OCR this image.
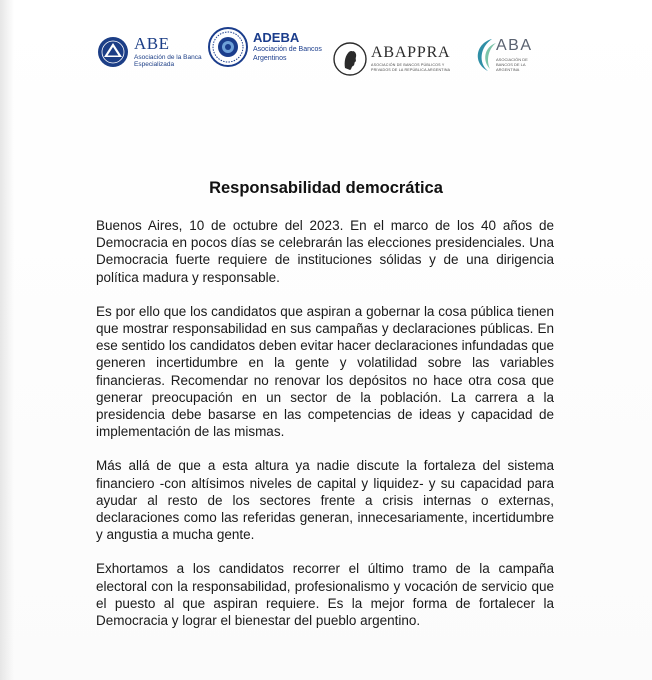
ABE
Asociación de la Banca Especializada
ADEBA
Asociación de Bancos Argentinos	ABAPPRA
ASOCIACIÓN DE BANCOS PÚBLICOS Y PRIVADOS DE LA REPÚBLICA ARGENTINA
ABA
ASOCIACIÓN DE BANCOS DE LA ARGENTINA
Responsabilidad democrática

Buenos Aires, 10 de octubre del 2023. En el marco de los 40 años de Democracia en pocos días se celebrarán las elecciones presidenciales. Una Democracia fuerte requiere de instituciones sólidas y de una dirigencia política madura y responsable.

Es por ello que los candidatos que aspiran a gobernar la cosa pública tienen que mostrar responsabilidad en sus campañas y declaraciones públicas. En ese sentido los candidatos deben evitar hacer declaraciones infundadas que generen incertidumbre en la gente y volatilidad sobre las variables financieras. Recomendar no renovar los depósitos no hace otra cosa que generar preocupación en un sector de la población. La carrera a la presidencia debe basarse en las competencias de ideas y capacidad de implementación de las mismas.

Más allá de que a esta altura ya nadie discute la fortaleza del sistema financiero -con altísimos niveles de capital y liquidez- y su capacidad para ayudar al resto de los sectores frente a crisis internas o externas, declaraciones como las referidas generan, innecesariamente, incertidumbre y angustia a mucha gente.

Exhortamos a los candidatos recorrer el último tramo de la campaña electoral con la responsabilidad, profesionalismo y vocación de servicio que el puesto al que aspiran requiere. Es la mejor forma de fortalecer la Democracia y lograr el bienestar del pueblo argentino.
